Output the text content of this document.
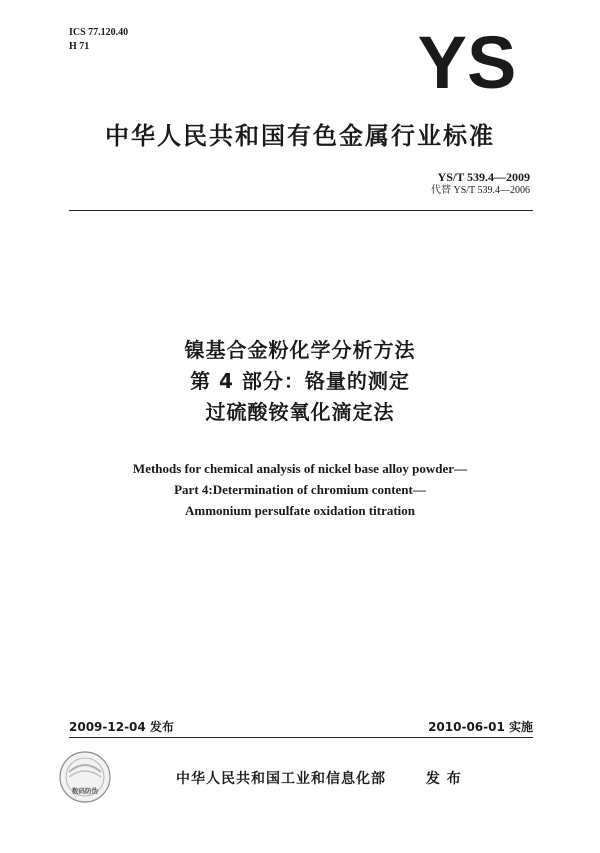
ICS 77.120.40
H 71	YS
中华人民共和国有色金属行业标准
YS/T 539.4—2009
代替 YS/T 539.4—2006
镍基合金粉化学分析方法
第 4 部分：铬量的测定
过硫酸铵氧化滴定法
Methods for chemical analysis of nickel base alloy powder—
Part 4:Determination of chromium content—
Ammonium persulfate oxidation titration
2009-12-04 发布	2010-06-01 实施
数码防伪
中华人民共和国工业和信息化部	发 布
